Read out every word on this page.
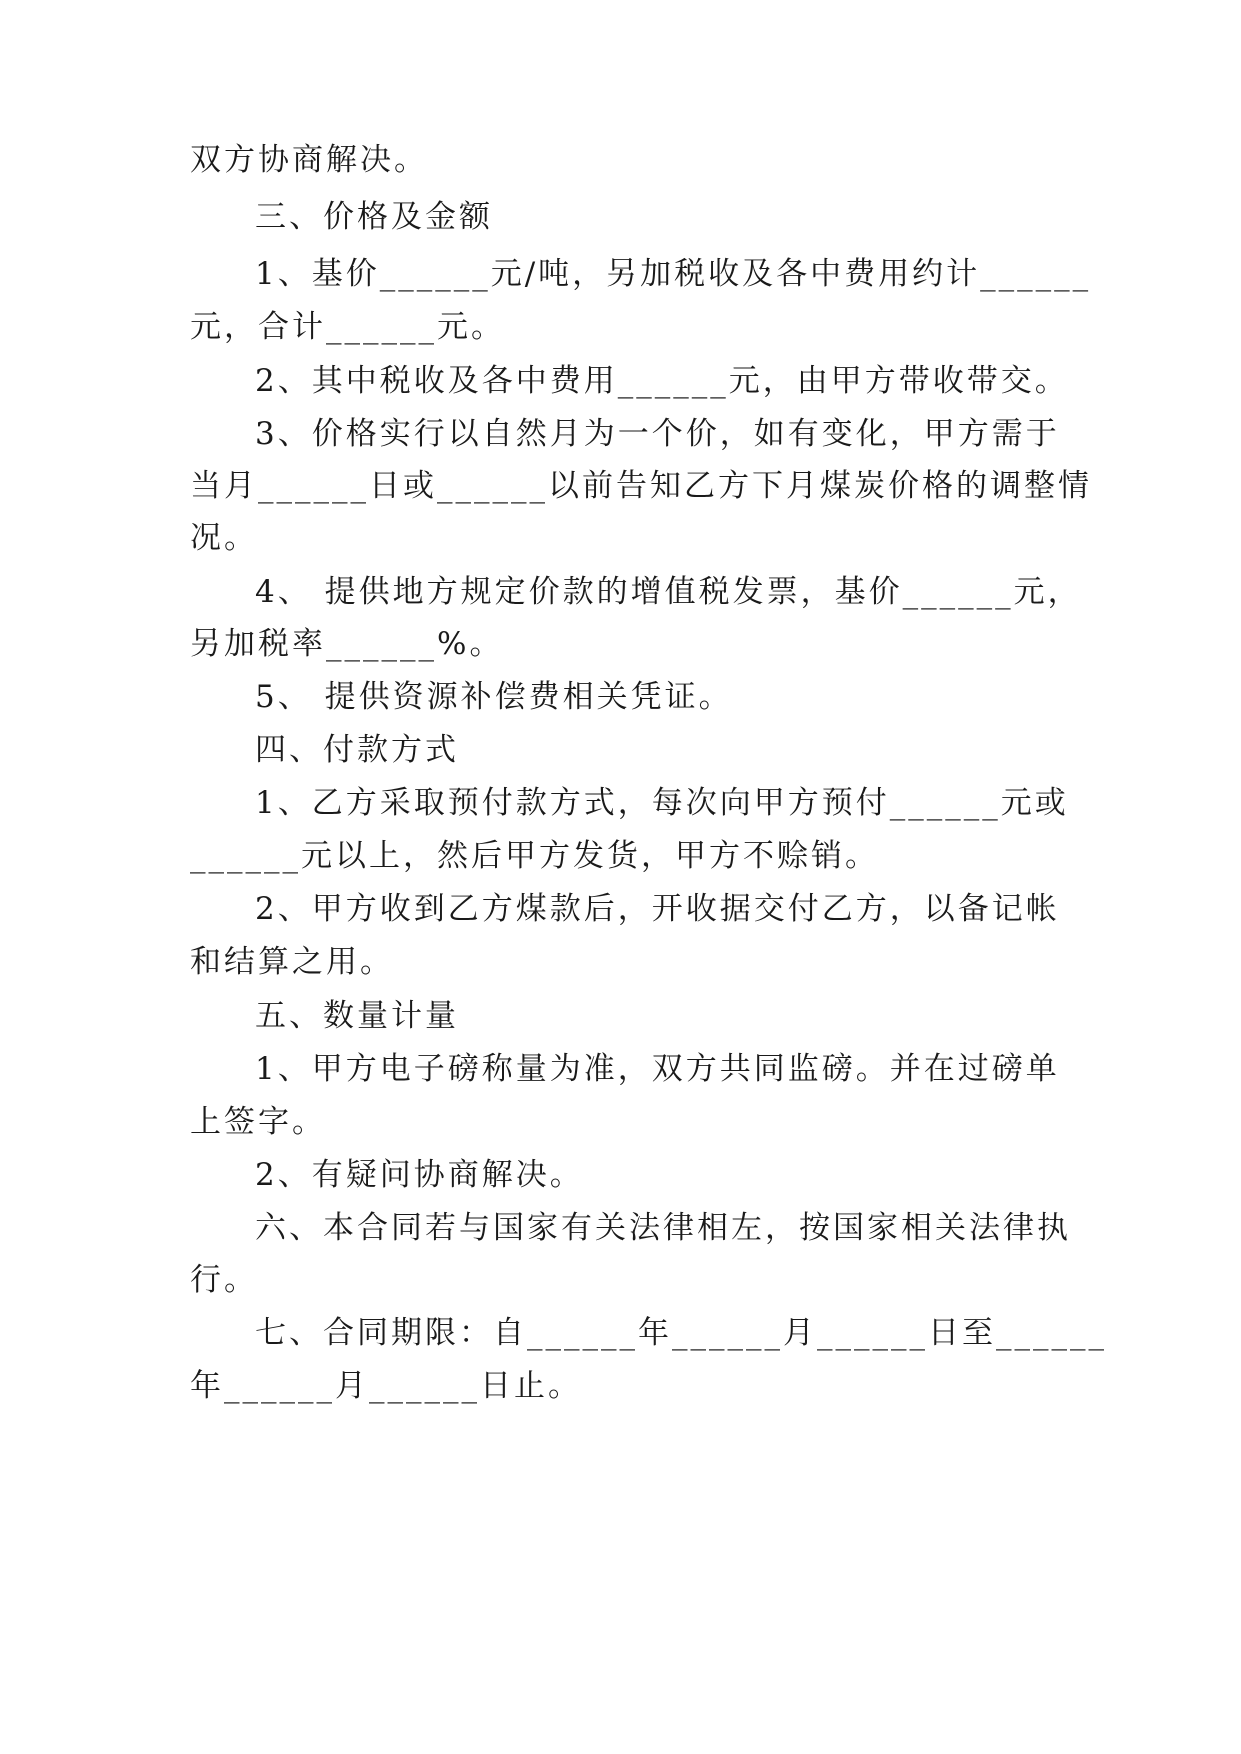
双方协商解决。
三、价格及金额
1、基价______元/吨，另加税收及各中费用约计______
元，合计______元。
2、其中税收及各中费用______元，由甲方带收带交。
3、价格实行以自然月为一个价，如有变化，甲方需于
当月______日或______以前告知乙方下月煤炭价格的调整情
况。
4、 提供地方规定价款的增值税发票，基价______元，
另加税率______%。
5、 提供资源补偿费相关凭证。
四、付款方式
1、乙方采取预付款方式，每次向甲方预付______元或
______元以上，然后甲方发货，甲方不赊销。
2、甲方收到乙方煤款后，开收据交付乙方，以备记帐
和结算之用。
五、数量计量
1、甲方电子磅称量为准，双方共同监磅。并在过磅单
上签字。
2、有疑问协商解决。
六、本合同若与国家有关法律相左，按国家相关法律执
行。
七、合同期限：自______年______月______日至______
年______月______日止。
